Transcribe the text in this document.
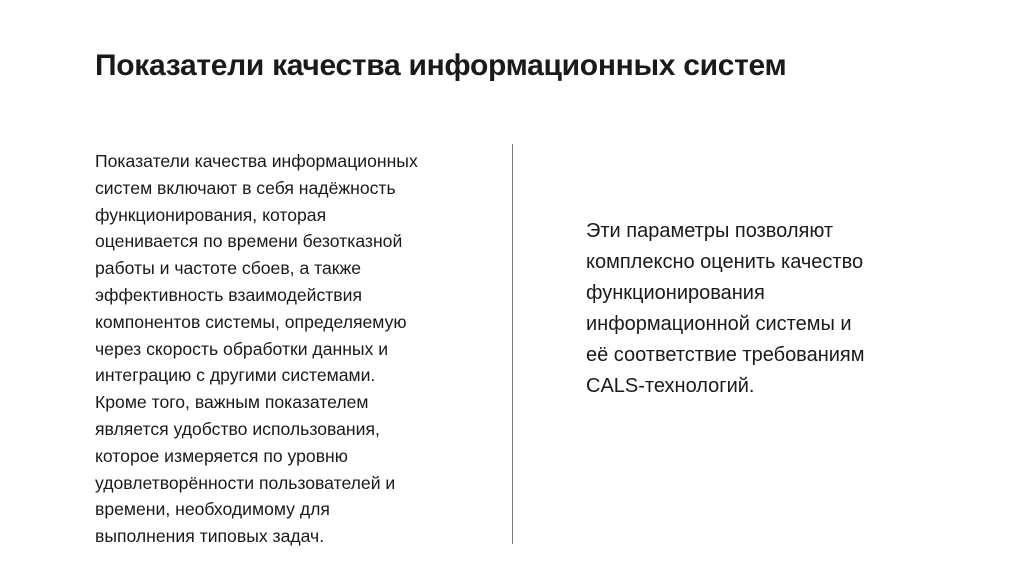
Показатели качества информационных систем
Показатели качества информационных
систем включают в себя надёжность
функционирования, которая
оценивается по времени безотказной
работы и частоте сбоев, а также
эффективность взаимодействия
компонентов системы, определяемую
через скорость обработки данных и
интеграцию с другими системами.
Кроме того, важным показателем
является удобство использования,
которое измеряется по уровню
удовлетворённости пользователей и
времени, необходимому для
выполнения типовых задач.
Эти параметры позволяют
комплексно оценить качество
функционирования
информационной системы и
её соответствие требованиям
CALS-технологий.
